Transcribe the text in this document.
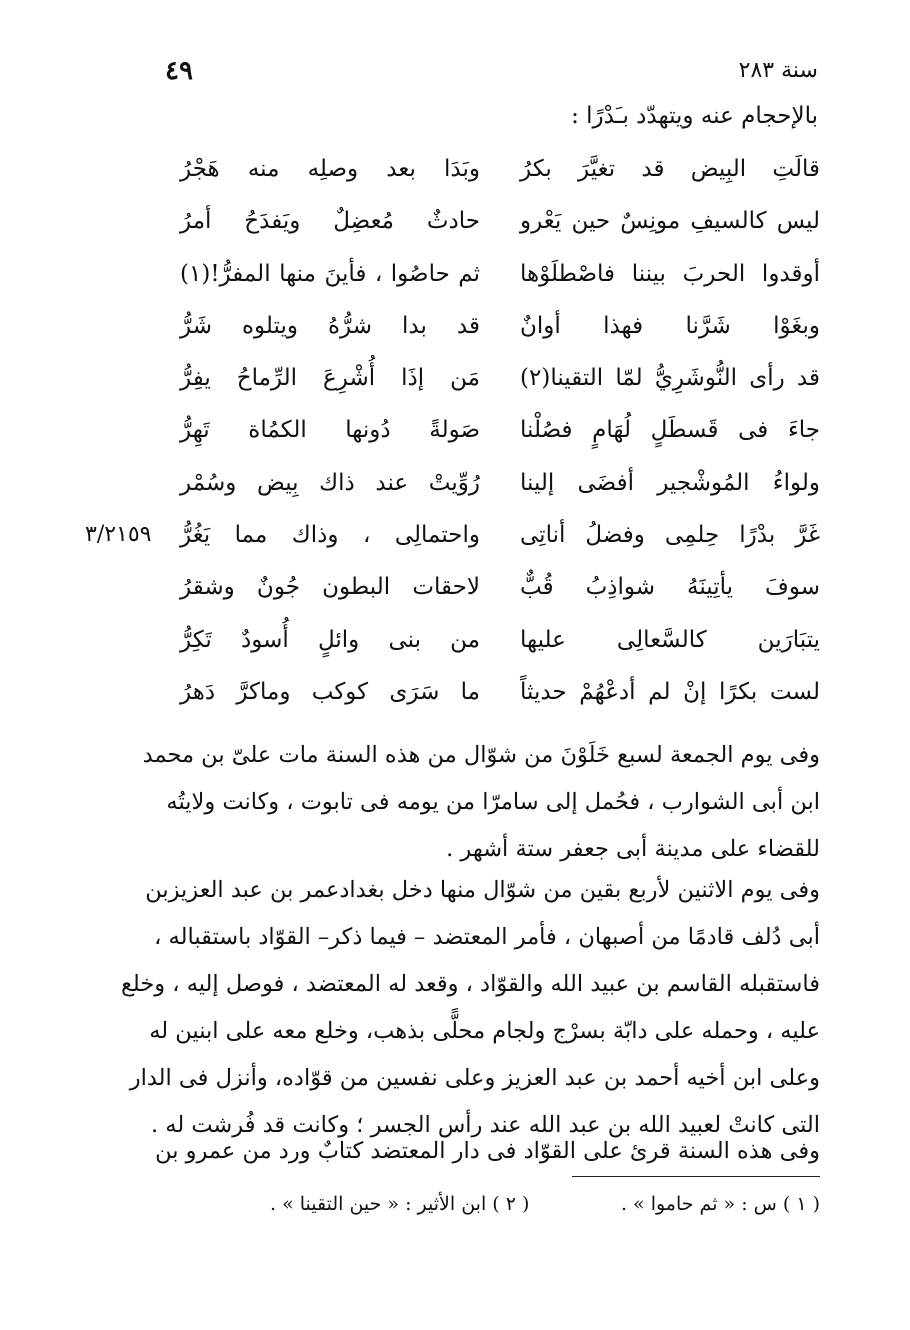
سنة ٢٨٣
٤٩
بالإحجام عنه ويتهدّد بـَدْرًا :
قالَتِ البِيض قد تغيَّرَ بكرُ
وبَدَا بعد وصلِه منه هَجْرُ
ليس كالسيفِ مونِسٌ حين يَعْرو
حادثٌ مُعضِلٌ ويَفدَحُ أمرُ
أوقدوا الحربَ بيننا فاصْطلَوْها
ثم حاصُوا ، فأينَ منها المفرُّ!(١)
وبغَوْا شَرَّنا فهذا أوانٌ
قد بدا شرُّهُ ويتلوه شَرُّ
قد رأى النُّوشَرِيُّ لمّا التقينا(٢)
مَن إذَا أُشْرِعَ الرِّماحُ يفِرُّ
جاءَ فى قَسطَلٍ لُهَامٍ فصُلْنا
صَولةً دُونها الكمُاة تَهِرُّ
ولواءُ المُوشْجير أفضَى إلينا
رُوِّيتْ عند ذاك بِيض وسُمْر
غَرَّ بدْرًا حِلمِى وفضلُ أناتِى
واحتمالِى ، وذاك مما يَغُرُّ
سوفَ يأتِينَهُ شواذِبُ قُبٌّ
لاحقات البطون جُونٌ وشقرُ
يتبَارَين كالسَّعالِى عليها
من بنى وائلٍ أُسودٌ تَكِرُّ
لست بكرًا إنْ لم أدعْهُمْ حديثاً
ما سَرَى كوكب وماكرَّ دَهرُ
٣/٢١٥٩
وفى يوم الجمعة لسبع خَلَوْنَ من شوّال من هذه السنة مات علىّ بن محمد
ابن أبى الشوارب ، فحُمل إلى سامرّا من يومه فى تابوت ، وكانت ولايتُه
للقضاء على مدينة أبى جعفر ستة أشهر .
وفى يوم الاثنين لأربع بقين من شوّال منها دخل بغدادعمر بن عبد العزيزبن
أبى دُلف قادمًا من أصبهان ، فأمر المعتضد – فيما ذكر– القوّاد باستقباله ،
فاستقبله القاسم بن عبيد الله والقوّاد ، وقعد له المعتضد ، فوصل إليه ، وخلع
عليه ، وحمله على دابّة بسرْج ولجام محلًّى بذهب، وخلع معه على ابنين له
وعلى ابن أخيه أحمد بن عبد العزيز وعلى نفسين من قوّاده، وأنزل فى الدار
التى كانتْ لعبيد الله بن عبد الله عند رأس الجسر ؛ وكانت قد فُرشت له .
وفى هذه السنة قرئ على القوّاد فى دار المعتضد كتابٌ ورد من عمرو بن
( ١ ) س : « ثم حاموا » .
( ٢ ) ابن الأثير : « حين التقينا » .
